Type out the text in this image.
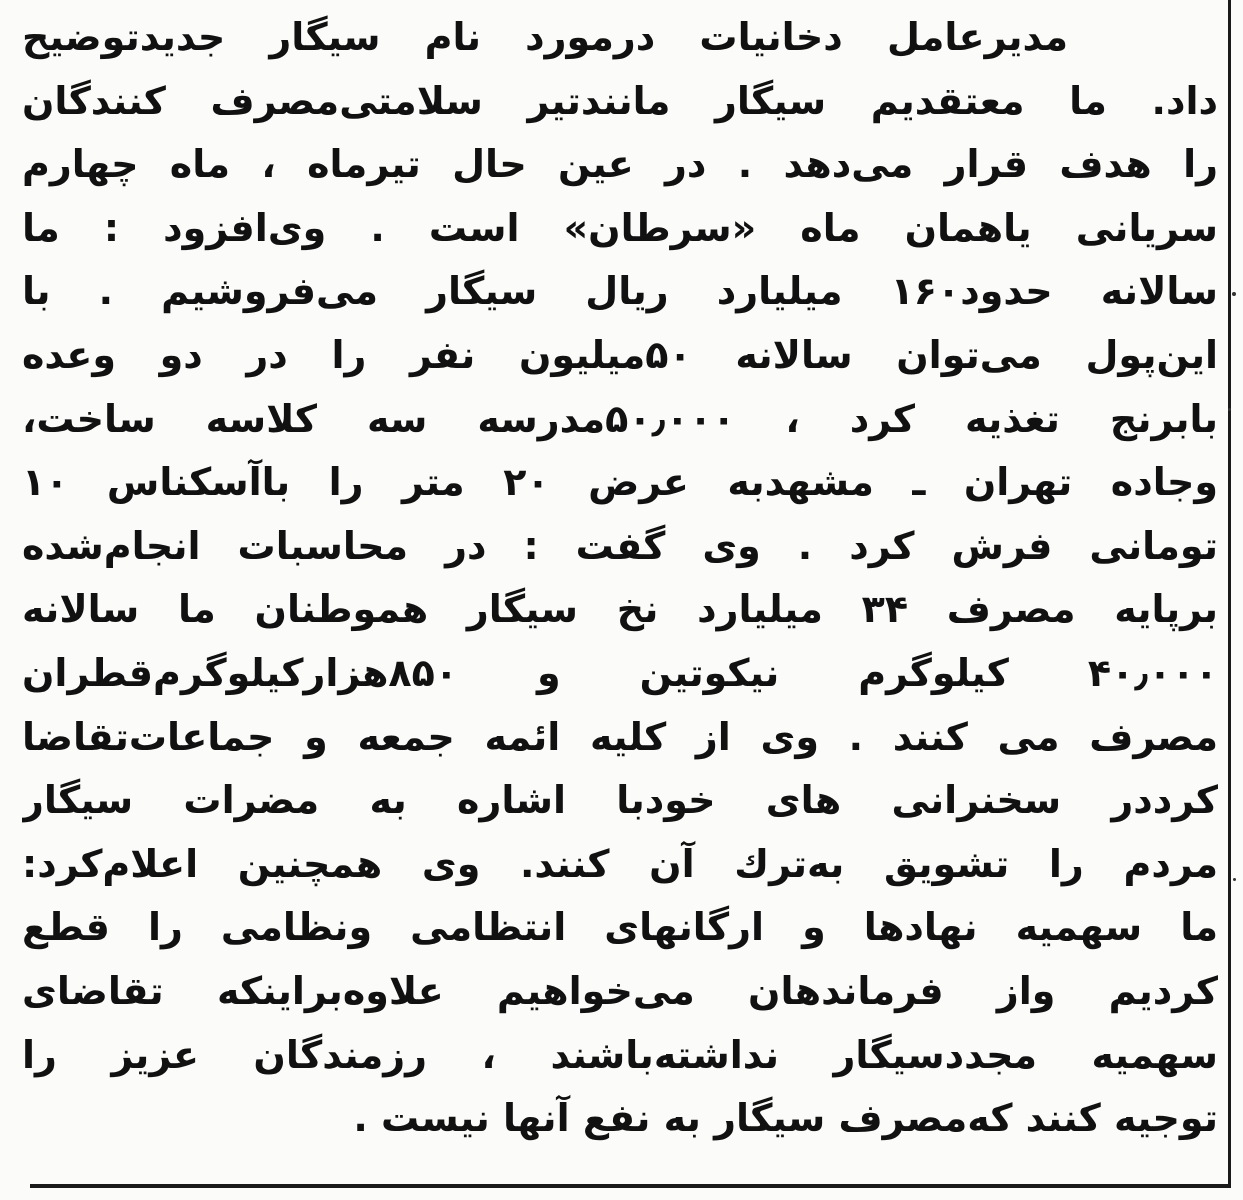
مدیرعامل دخانیات درمورد نام سیگار جدیدتوضیح
داد. ما معتقدیم سیگار مانندتیر سلامتی‌مصرف کنندگان
را هدف قرار می‌دهد . در عین حال تیرماه ، ماه چهارم
سریانی یاهمان ماه «سرطان» است . وی‌افزود : ما
سالانه حدود۱۶۰ میلیارد ریال سیگار می‌فروشیم . با
این‌پول می‌توان سالانه ۵۰میلیون نفر را در دو وعده
بابرنج تغذیه کرد ، ۵۰٫۰۰۰مدرسه سه کلاسه ساخت،
وجاده تهران ـ مشهدبه عرض ۲۰ متر را باآسکناس ۱۰
تومانی فرش کرد . وی گفت : در محاسبات انجام‌شده
برپایه مصرف ۳۴ میلیارد نخ سیگار هموطنان ما سالانه
۴۰٫۰۰۰ کیلوگرم نیکوتین و ۸۵۰هزارکیلوگرم‌قطران
مصرف می کنند . وی از کلیه ائمه جمعه و جماعات‌تقاضا
کرددر سخنرانی های خودبا اشاره به مضرات سیگار
مردم را تشویق به‌ترك آن کنند. وی همچنین اعلام‌کرد:
ما سهمیه نهادها و ارگانهای انتظامی ونظامی را قطع
کردیم واز فرماندهان می‌خواهیم علاوه‌براینکه تقاضای
سهمیه مجددسیگار نداشته‌باشند ، رزمندگان عزیز را
توجیه کنند که‌مصرف سیگار به نفع آنها نیست .
